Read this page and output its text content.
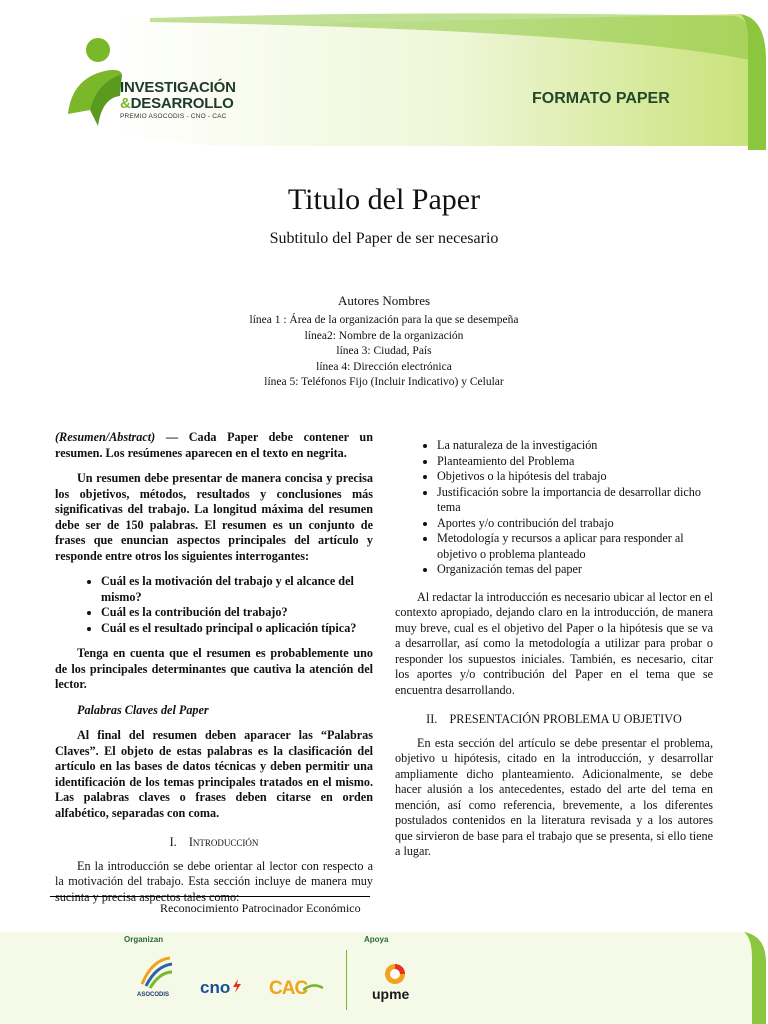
INVESTIGACIÓN
&DESARROLLO
PREMIO ASOCODIS - CNO - CAC
FORMATO PAPER
Titulo del Paper
Subtitulo del Paper de ser necesario
Autores Nombres
línea 1 : Área de la organización para la que se desempeña
línea2: Nombre de la organización
línea 3: Ciudad, País
línea 4: Dirección electrónica
línea 5: Teléfonos Fijo (Incluir Indicativo) y Celular

(Resumen/Abstract) — Cada Paper debe contener un resumen. Los resúmenes aparecen en el texto en negrita.

Un resumen debe presentar de manera concisa y precisa los objetivos, métodos, resultados y conclusiones más significativas del trabajo. La longitud máxima del resumen debe ser de 150 palabras. El resumen es un conjunto de frases que enuncian aspectos principales del artículo y responde entre otros los siguientes interrogantes:

• Cuál es la motivación del trabajo y el alcance del mismo?
• Cuál es la contribución del trabajo?
• Cuál es el resultado principal o aplicación típica?

Tenga en cuenta que el resumen es probablemente uno de los principales determinantes que cautiva la atención del lector.

Palabras Claves del Paper

Al final del resumen deben aparacer las “Palabras Claves”. El objeto de estas palabras es la clasificación del artículo en las bases de datos técnicas y deben permitir una identificación de los temas principales tratados en el mismo. Las palabras claves o frases deben citarse en orden alfabético, separadas con coma.

I. Introducción

En la introducción se debe orientar al lector con respecto a la motivación del trabajo. Esta sección incluye de manera muy sucinta y precisa aspectos tales como:

• La naturaleza de la investigación
• Planteamiento del Problema
• Objetivos o la hipótesis del trabajo
• Justificación sobre la importancia de desarrollar dicho tema
• Aportes y/o contribución del trabajo
• Metodología y recursos a aplicar para responder al objetivo o problema planteado
• Organización temas del paper

Al redactar la introducción es necesario ubicar al lector en el contexto apropiado, dejando claro en la introducción, de manera muy breve, cual es el objetivo del Paper o la hipótesis que se va a desarrollar, así como la metodología a utilizar para probar o responder los supuestos iniciales. También, es necesario, citar los aportes y/o contribución del Paper en el tema que se encuentra desarrollando.

II. PRESENTACIÓN PROBLEMA U OBJETIVO

En esta sección del artículo se debe presentar el problema, objetivo u hipótesis, citado en la introducción, y desarrollar ampliamente dicho planteamiento. Adicionalmente, se debe hacer alusión a los antecedentes, estado del arte del tema en mención, así como referencia, brevemente, a los diferentes postulados contenidos en la literatura revisada y a los autores que sirvieron de base para el trabajo que se presenta, si ello tiene a lugar.

Reconocimiento Patrocinador Económico
Organizan	Apoya
ASOCODIS cno CAC	upme
